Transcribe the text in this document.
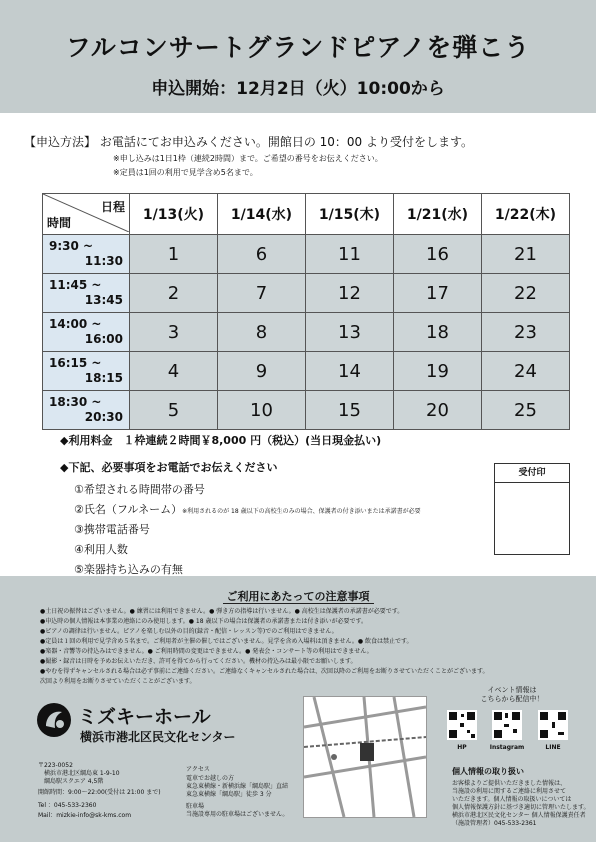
フルコンサートグランドピアノを弾こう
申込開始：12月2日（火）10:00から
【申込方法】 お電話にてお申込みください。開館日の 10：00 より受付をします。
※申し込みは1日1枠（連続2時間）まで。ご希望の番号をお伝えください。
※定員は1回の利用で見学含め5名まで。
日程
時間	1/13(火)	1/14(水)	1/15(木)	1/21(水)	1/22(木)
9:30 ~
11:30	1	6	11	16	21
11:45 ~
13:45	2	7	12	17	22
14:00 ~
16:00	3	8	13	18	23
16:15 ~
18:15	4	9	14	19	24
18:30 ~
20:30	5	10	15	20	25
◆利用料金　１枠連続２時間￥8,000 円（税込）(当日現金払い)
◆下記、必要事項をお電話でお伝えください
①希望される時間帯の番号
②氏名（フルネーム）※利用されるのが 18 歳以下の高校生のみの場合、保護者の付き添いまたは承諾書が必要
③携帯電話番号
④利用人数
⑤楽器持ち込みの有無
受付印
ご利用にあたっての注意事項
●土日祝の振替はございません。● 練習には利用できません。● 弾き方の指導は行いません。● 高校生は保護者の承諾書が必要です。
●申込時の個人情報は本事業の連絡にのみ使用します。● 18 歳以下の場合は保護者の承諾書または付き添いが必要です。
●ピアノの調律は行いません。ピアノを楽しむ以外の目的(録音・配信・レッスン等)でのご利用はできません。
●定員は１回の利用で見学含め５名まで。ご利用者が主催の催しではございません。見学を含め入場料は頂きません。● 飲食は禁止です。
●楽器・音響等の持込みはできません。● ご利用時間の変更はできません。● 発表会・コンサート等の利用はできません。
●撮影・録音は日時を予めお伝えいただき、許可を得てから行ってください。機材の持込みは最小限でお願いします。
●やむを得ずキャンセルされる場合は必ず事前にご連絡ください。ご連絡なくキャンセルされた場合は、次回以降のご利用をお断りさせていただくことがございます。
次回より利用をお断りさせていただくことがございます。
ミズキーホール
横浜市港北区民文化センター
〒223-0052
横浜市港北区綱島東 1-9-10
綱島駅スクエア 4,5階
開館時間：9:00～22:00(受付は 21:00 まで)
Tel ：045-533-2360
Mail：mizkie-info@sk-kms.com
アクセス
電車でお越しの方
東急東横線・新横浜線「綱島駅」直結
東急東横線「綱島駅」徒歩 3 分
駐車場
当施設専用の駐車場はございません。
イベント情報は
こちらから配信中！
HP	Instagram	LINE
個人情報の取り扱い
お客様よりご提供いただきました情報は、
当施設の利用に関するご連絡に利用させて
いただきます。個人情報の取扱いについては
個人情報保護方針に基づき適切に管理いたします。
横浜市港北区民文化センター 個人情報保護責任者
（施設管理者）045-533-2361
